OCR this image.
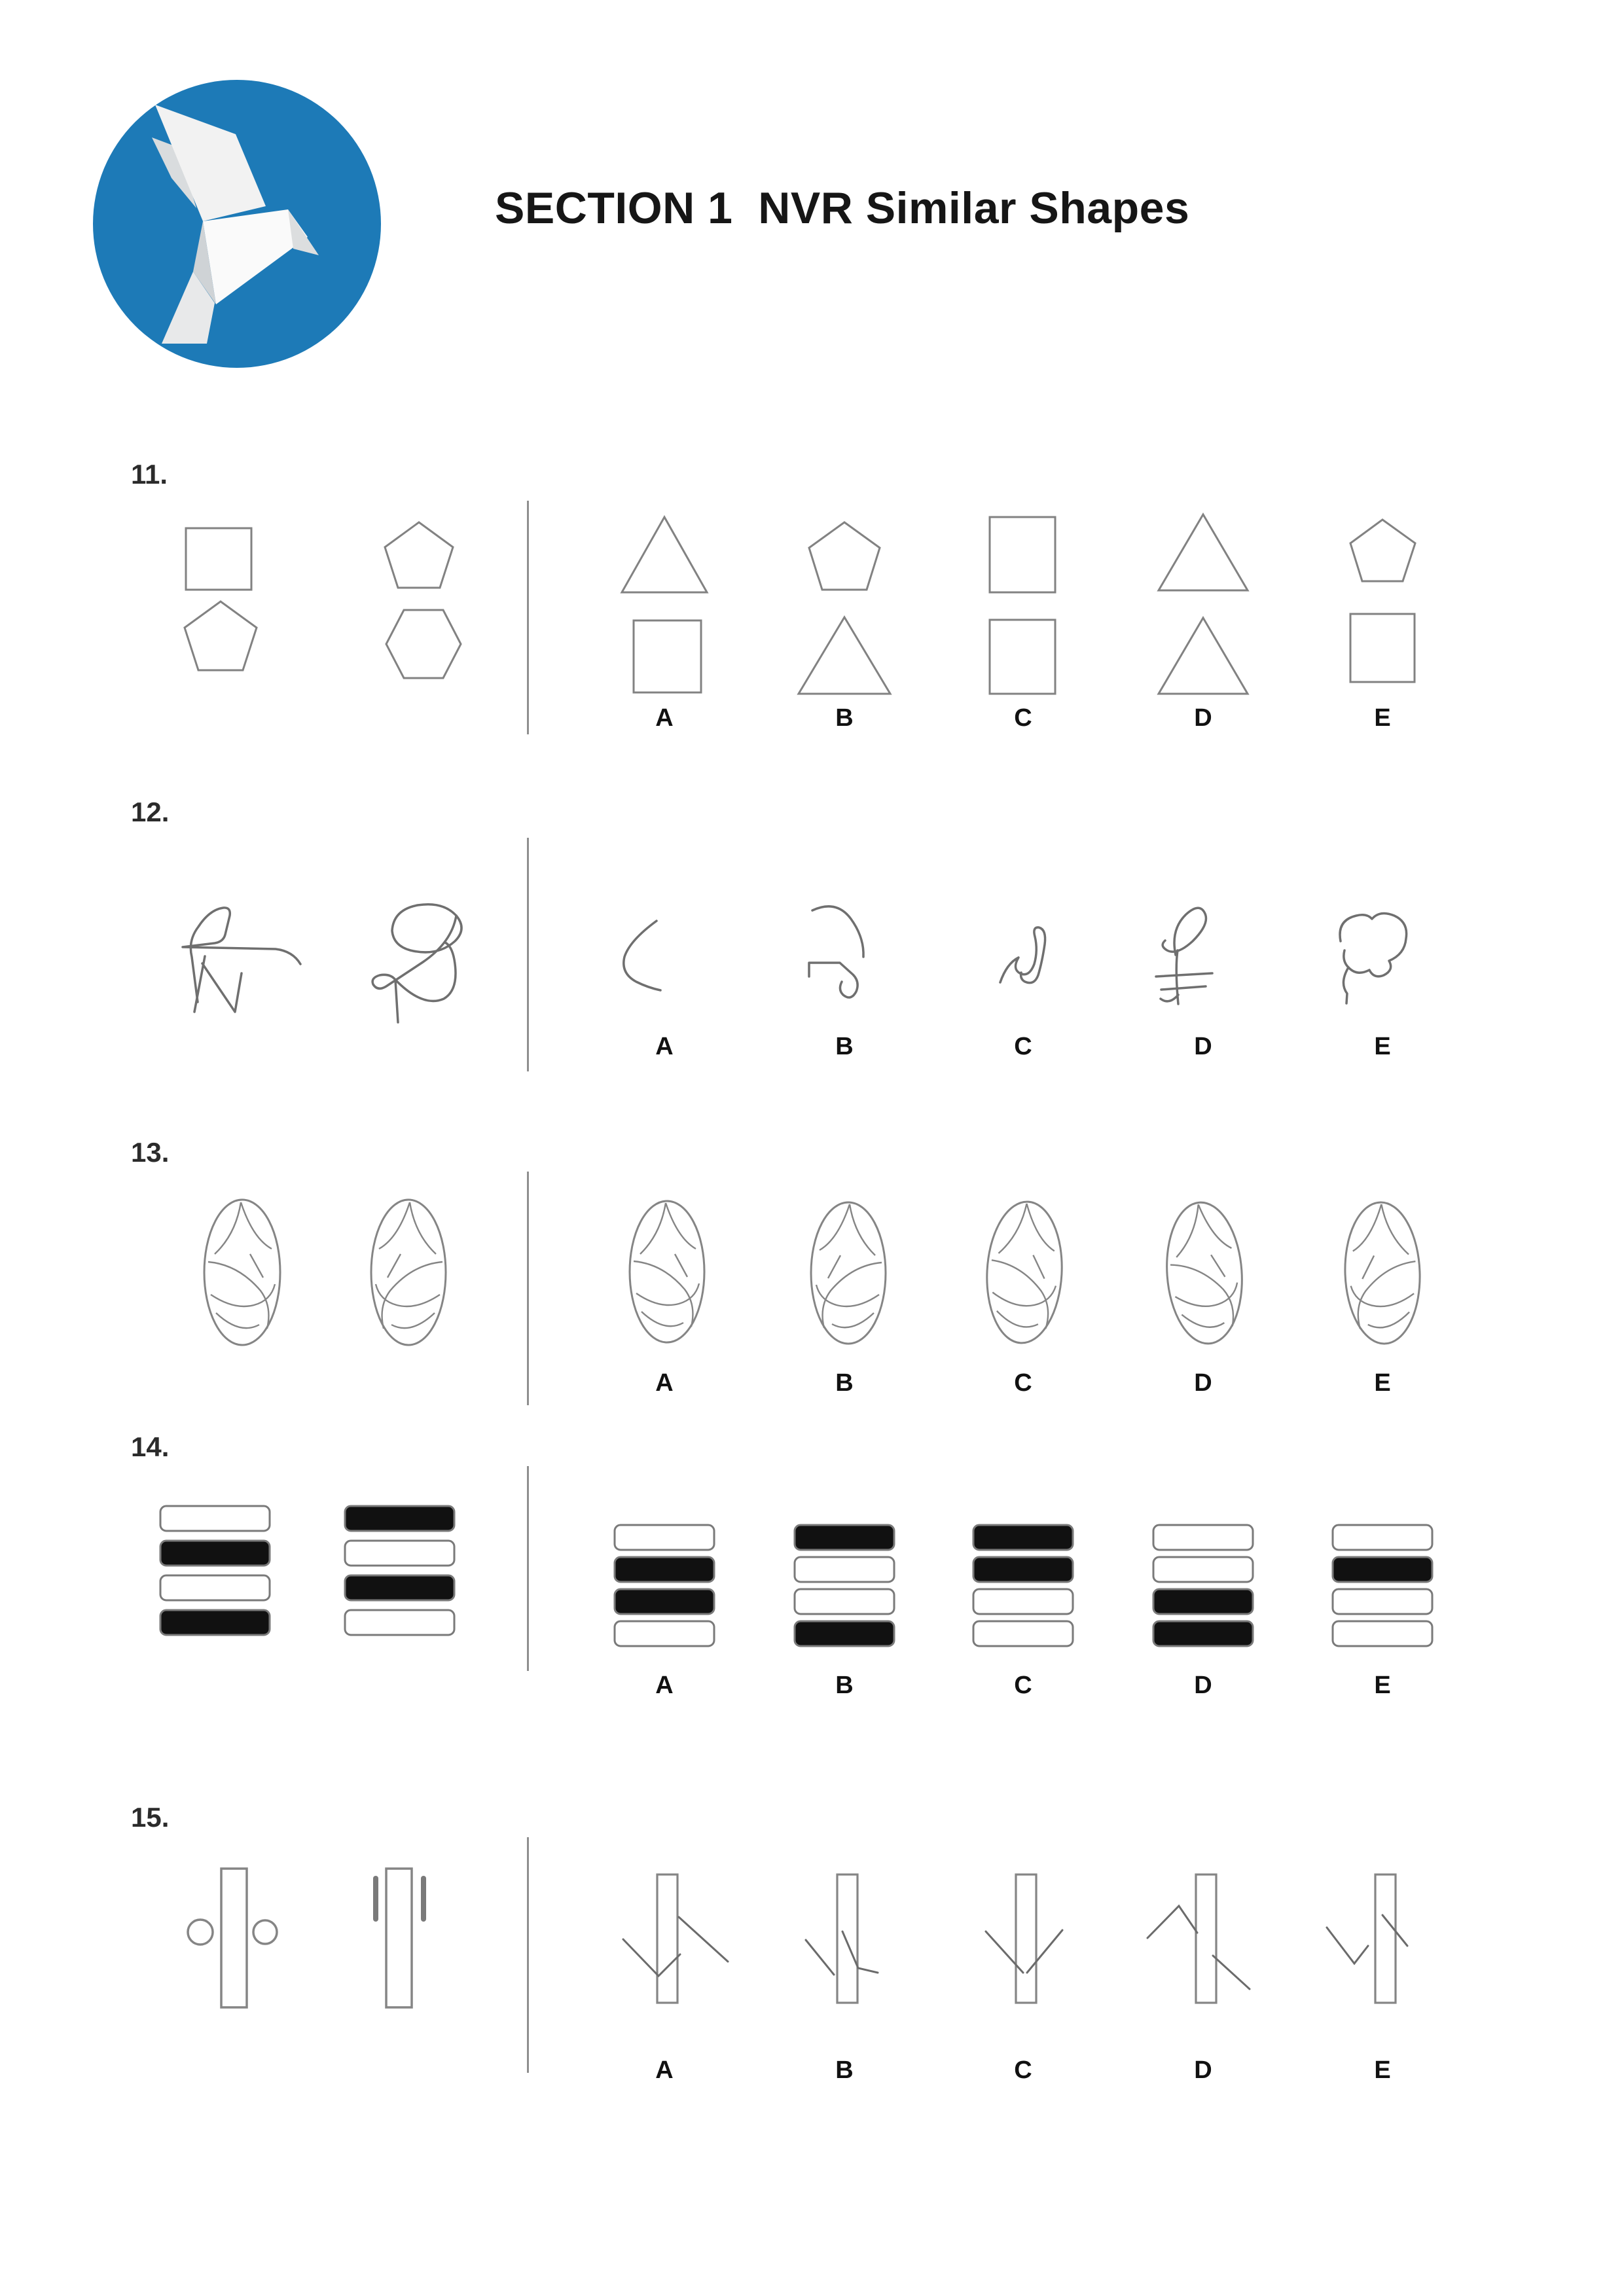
SECTION 1  NVR Similar Shapes
11.
12.
13.
14.
15.
A	B	C	D	E
A	B	C	D	E
A	B	C	D	E
A	B	C	D	E
A	B	C	D	E
